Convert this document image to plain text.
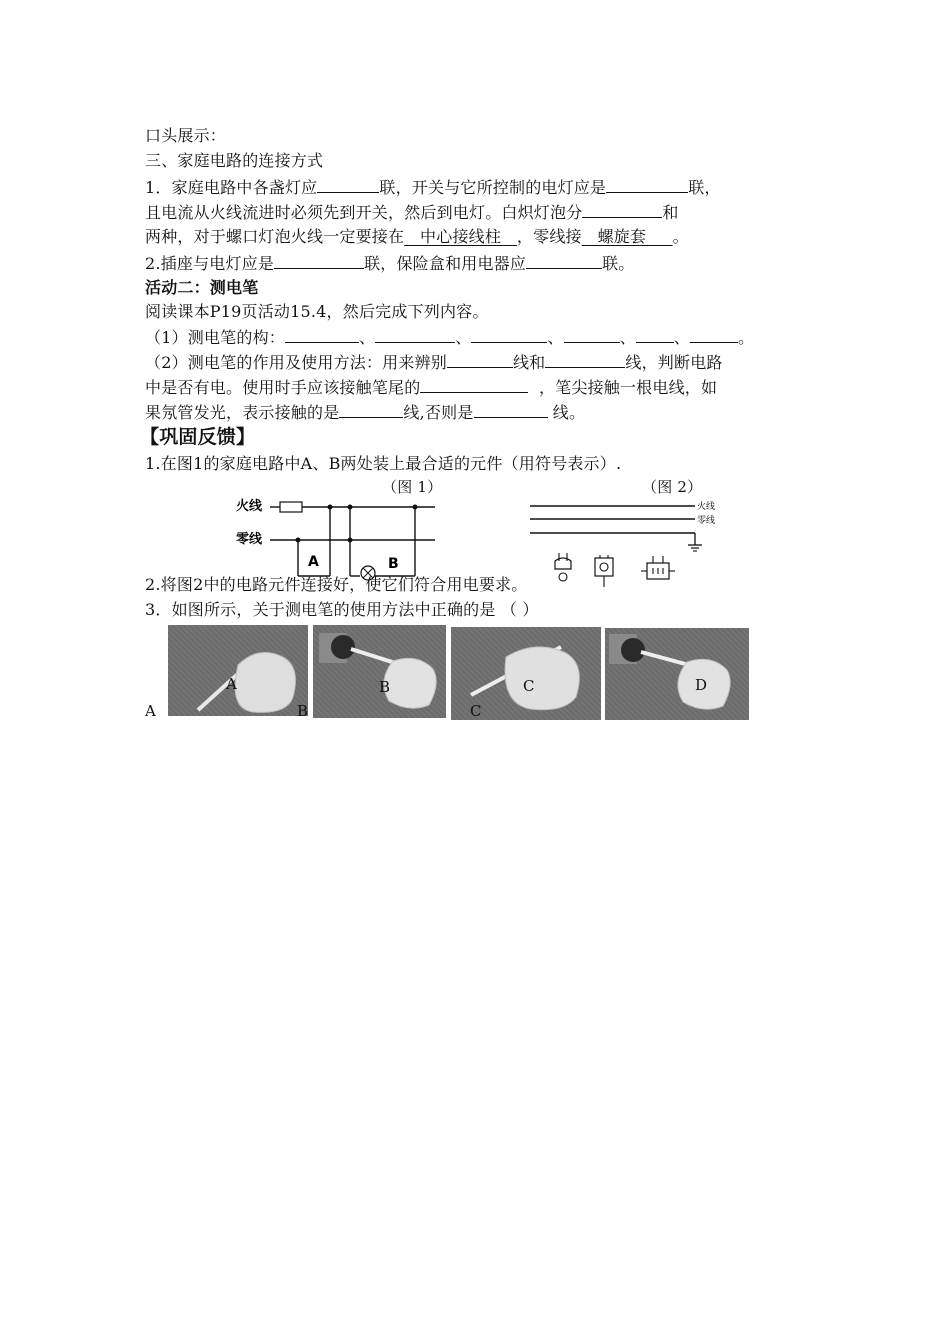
口头展示：
三、家庭电路的连接方式
1．家庭电路中各盏灯应	联，开关与它所控制的电灯应是	联，
且电流从火线流进时必须先到开关，然后到电灯。白炽灯泡分	和
两种，对于螺口灯泡火线一定要接在   中心接线柱   ，零线接   螺旋套     。
2.插座与电灯应是	联，保险盒和用电器应	联。
活动二：测电笔
阅读课本P19页活动15.4，然后完成下列内容。
（1）测电笔的构：	、	、	、	、 、	。
（2）测电笔的作用及使用方法：用来辨别	线和	线，判断电路
中是否有电。使用时手应该接触笔尾的	，笔尖接触一根电线，如
果氖管发光，表示接触的是	线,否则是	线。
【巩固反馈】
1.在图1的家庭电路中A、B两处装上最合适的元件（用符号表示）.
（图 1）	（图 2）
火线
零线
A	B
火线
零线
2.将图2中的电路元件连接好，使它们符合用电要求。
3．如图所示，关于测电笔的使用方法中正确的是 （ ）
A	B	C	D
A	B	C
